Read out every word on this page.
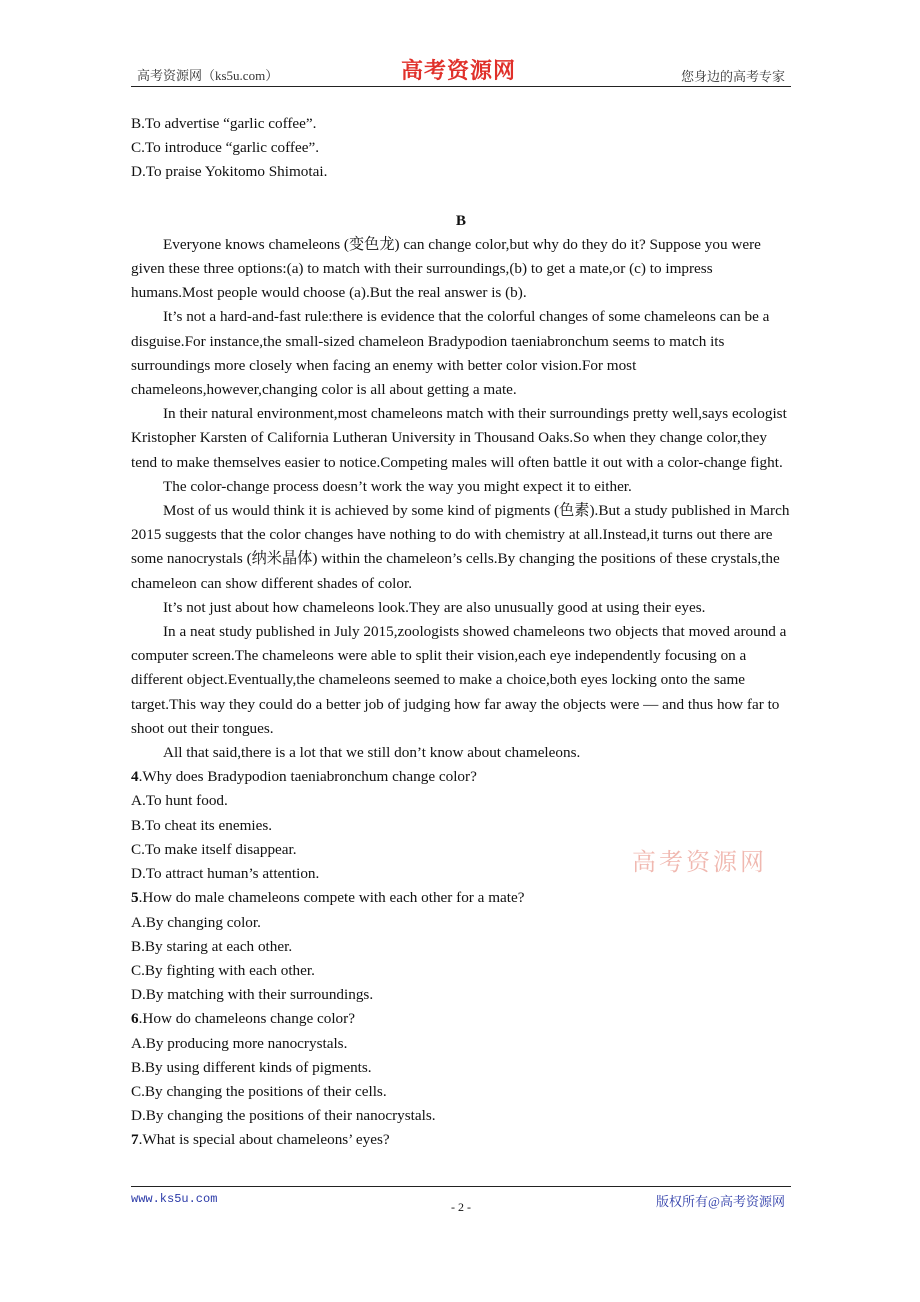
高考资源网（ks5u.com）	高考资源网	您身边的高考专家

B.To advertise “garlic coffee”.

C.To introduce “garlic coffee”.

D.To praise Yokitomo Shimotai.

B

Everyone knows chameleons (变色龙) can change color,but why do they do it? Suppose you were given these three options:(a) to match with their surroundings,(b) to get a mate,or (c) to impress humans.Most people would choose (a).But the real answer is (b).

It’s not a hard-and-fast rule:there is evidence that the colorful changes of some chameleons can be a disguise.For instance,the small-sized chameleon Bradypodion taeniabronchum seems to match its surroundings more closely when facing an enemy with better color vision.For most chameleons,however,changing color is all about getting a mate.

In their natural environment,most chameleons match with their surroundings pretty well,says ecologist Kristopher Karsten of California Lutheran University in Thousand Oaks.So when they change color,they tend to make themselves easier to notice.Competing males will often battle it out with a color-change fight.

The color-change process doesn’t work the way you might expect it to either.

Most of us would think it is achieved by some kind of pigments (色素).But a study published in March 2015 suggests that the color changes have nothing to do with chemistry at all.Instead,it turns out there are some nanocrystals (纳米晶体) within the chameleon’s cells.By changing the positions of these crystals,the chameleon can show different shades of color.

It’s not just about how chameleons look.They are also unusually good at using their eyes.

In a neat study published in July 2015,zoologists showed chameleons two objects that moved around a computer screen.The chameleons were able to split their vision,each eye independently focusing on a different object.Eventually,the chameleons seemed to make a choice,both eyes locking onto the same target.This way they could do a better job of judging how far away the objects were — and thus how far to shoot out their tongues.

All that said,there is a lot that we still don’t know about chameleons.

4.Why does Bradypodion taeniabronchum change color?

A.To hunt food.

B.To cheat its enemies.

C.To make itself disappear.

D.To attract human’s attention.

5.How do male chameleons compete with each other for a mate?

A.By changing color.

B.By staring at each other.

C.By fighting with each other.

D.By matching with their surroundings.

6.How do chameleons change color?

A.By producing more nanocrystals.

B.By using different kinds of pigments.

C.By changing the positions of their cells.

D.By changing the positions of their nanocrystals.

7.What is special about chameleons’ eyes?

高考资源网
www.ks5u.com
- 2 -	版权所有@高考资源网
